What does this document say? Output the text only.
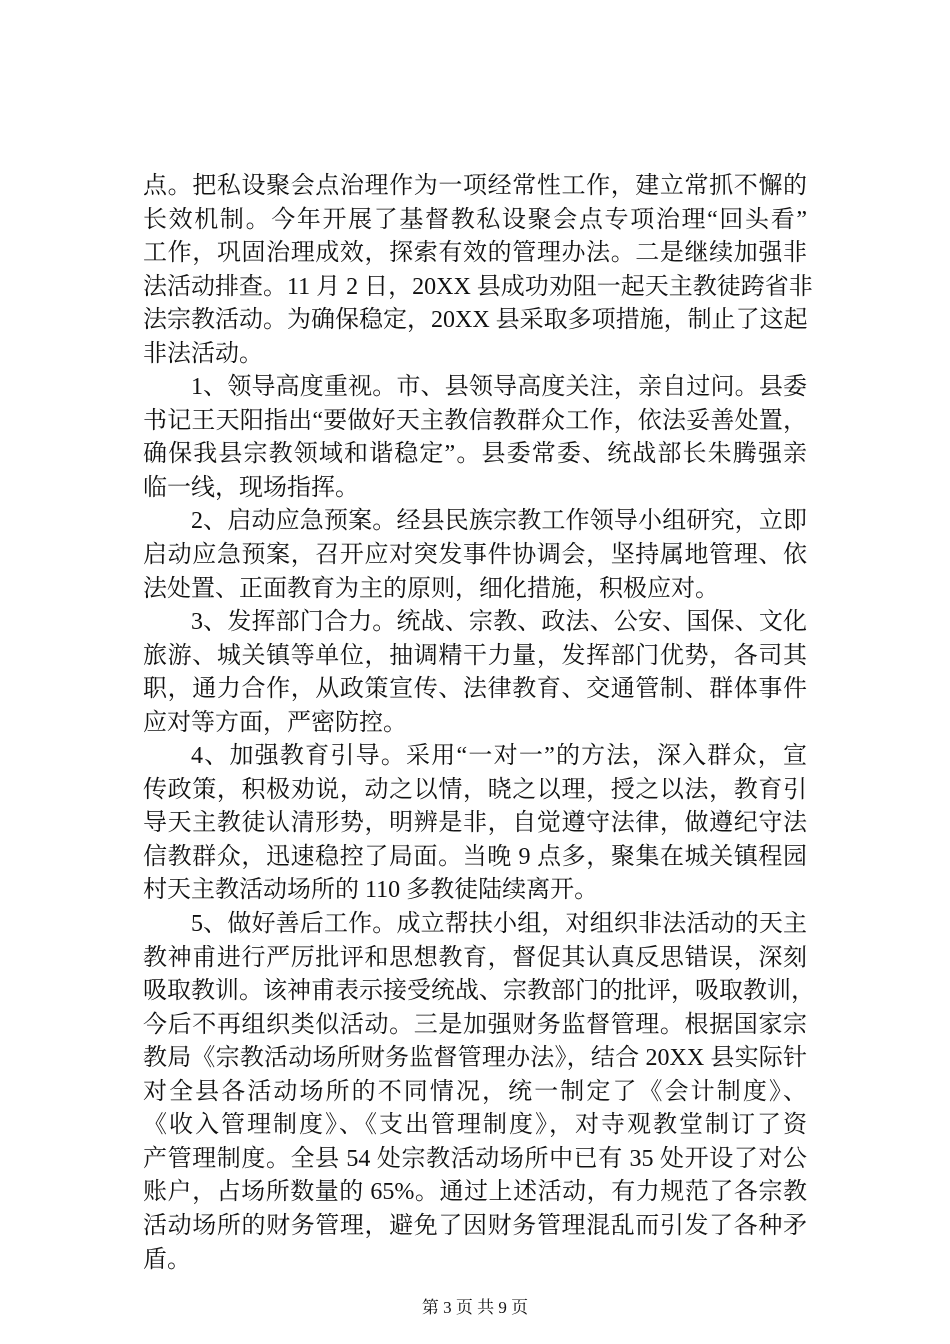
点。把私设聚会点治理作为一项经常性工作，建立常抓不懈的
长效机制。今年开展了基督教私设聚会点专项治理“回头看”
工作，巩固治理成效，探索有效的管理办法。二是继续加强非
法活动排查。11 月 2 日，20XX 县成功劝阻一起天主教徒跨省非
法宗教活动。为确保稳定，20XX 县采取多项措施，制止了这起
非法活动。
1、领导高度重视。市、县领导高度关注，亲自过问。县委
书记王天阳指出“要做好天主教信教群众工作，依法妥善处置，
确保我县宗教领域和谐稳定”。县委常委、统战部长朱腾强亲
临一线，现场指挥。
2、启动应急预案。经县民族宗教工作领导小组研究，立即
启动应急预案，召开应对突发事件协调会，坚持属地管理、依
法处置、正面教育为主的原则，细化措施，积极应对。
3、发挥部门合力。统战、宗教、政法、公安、国保、文化
旅游、城关镇等单位，抽调精干力量，发挥部门优势，各司其
职，通力合作，从政策宣传、法律教育、交通管制、群体事件
应对等方面，严密防控。
4、加强教育引导。采用“一对一”的方法，深入群众，宣
传政策，积极劝说，动之以情，晓之以理，授之以法，教育引
导天主教徒认清形势，明辨是非，自觉遵守法律，做遵纪守法
信教群众，迅速稳控了局面。当晚 9 点多，聚集在城关镇程园
村天主教活动场所的 110 多教徒陆续离开。
5、做好善后工作。成立帮扶小组，对组织非法活动的天主
教神甫进行严厉批评和思想教育，督促其认真反思错误，深刻
吸取教训。该神甫表示接受统战、宗教部门的批评，吸取教训，
今后不再组织类似活动。三是加强财务监督管理。根据国家宗
教局《宗教活动场所财务监督管理办法》，结合 20XX 县实际针
对全县各活动场所的不同情况，统一制定了《会计制度》、
《收入管理制度》、《支出管理制度》，对寺观教堂制订了资
产管理制度。全县 54 处宗教活动场所中已有 35 处开设了对公
账户，占场所数量的 65%。通过上述活动，有力规范了各宗教
活动场所的财务管理，避免了因财务管理混乱而引发了各种矛
盾。
第 3 页 共 9 页
